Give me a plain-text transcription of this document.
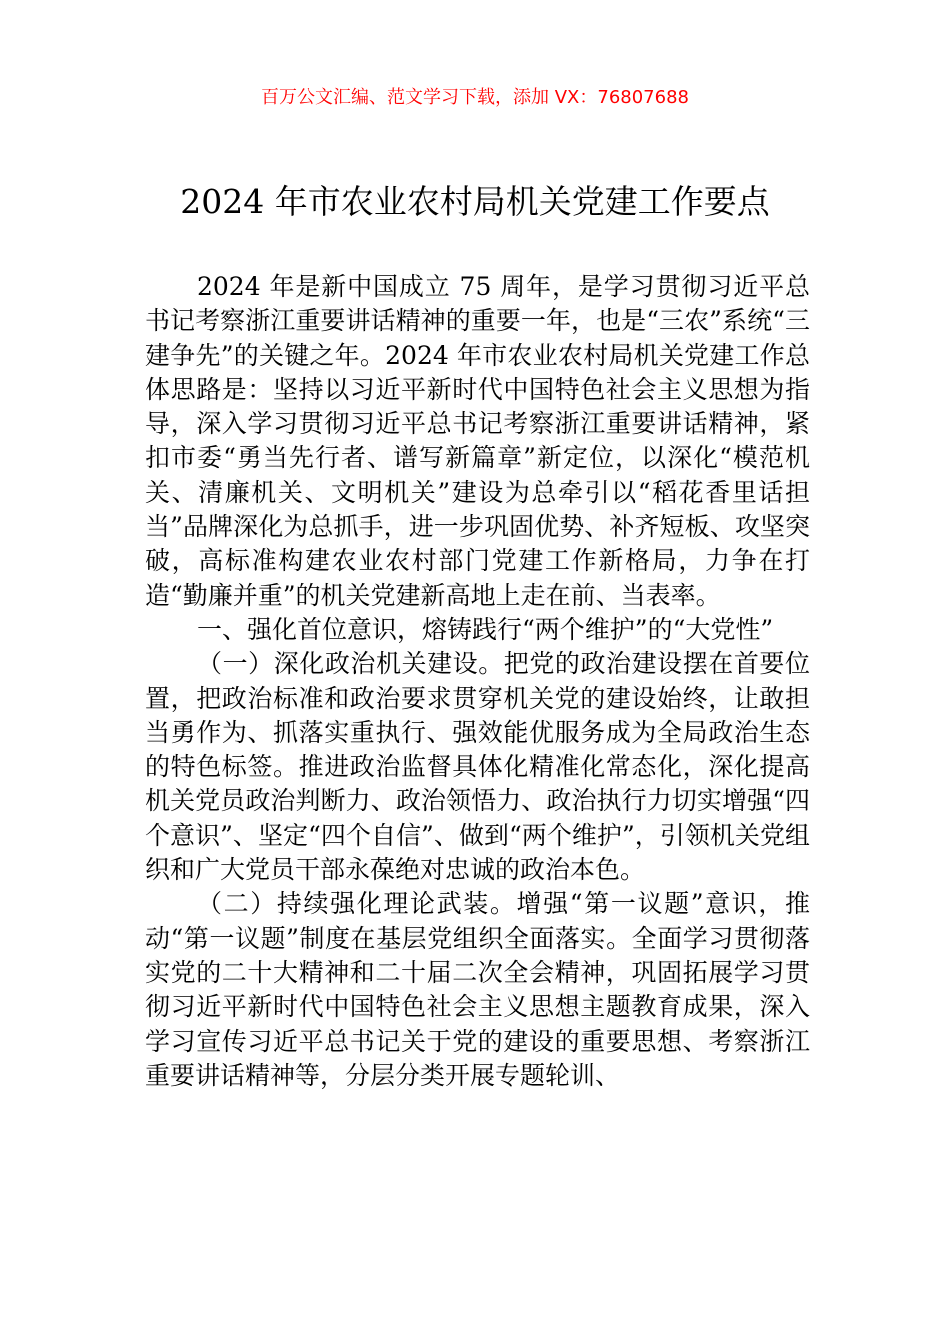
百万公文汇编、范文学习下载，添加 VX：76807688
2024 年市农业农村局机关党建工作要点

2024 年是新中国成立 75 周年，是学习贯彻习近平总书记考察浙江重要讲话精神的重要一年，也是“三农”系统“三建争先”的关键之年。2024 年市农业农村局机关党建工作总体思路是：坚持以习近平新时代中国特色社会主义思想为指导，深入学习贯彻习近平总书记考察浙江重要讲话精神，紧扣市委“勇当先行者、谱写新篇章”新定位，以深化“模范机关、清廉机关、文明机关”建设为总牵引以“稻花香里话担当”品牌深化为总抓手，进一步巩固优势、补齐短板、攻坚突破，高标准构建农业农村部门党建工作新格局，力争在打造“勤廉并重”的机关党建新高地上走在前、当表率。

一、强化首位意识，熔铸践行“两个维护”的“大党性”

（一）深化政治机关建设。把党的政治建设摆在首要位置，把政治标准和政治要求贯穿机关党的建设始终，让敢担当勇作为、抓落实重执行、强效能优服务成为全局政治生态的特色标签。推进政治监督具体化精准化常态化，深化提高机关党员政治判断力、政治领悟力、政治执行力切实增强“四个意识”、坚定“四个自信”、做到“两个维护”，引领机关党组织和广大党员干部永葆绝对忠诚的政治本色。

（二）持续强化理论武装。增强“第一议题”意识，推动“第一议题”制度在基层党组织全面落实。全面学习贯彻落实党的二十大精神和二十届二次全会精神，巩固拓展学习贯彻习近平新时代中国特色社会主义思想主题教育成果，深入学习宣传习近平总书记关于党的建设的重要思想、考察浙江重要讲话精神等，分层分类开展专题轮训、
